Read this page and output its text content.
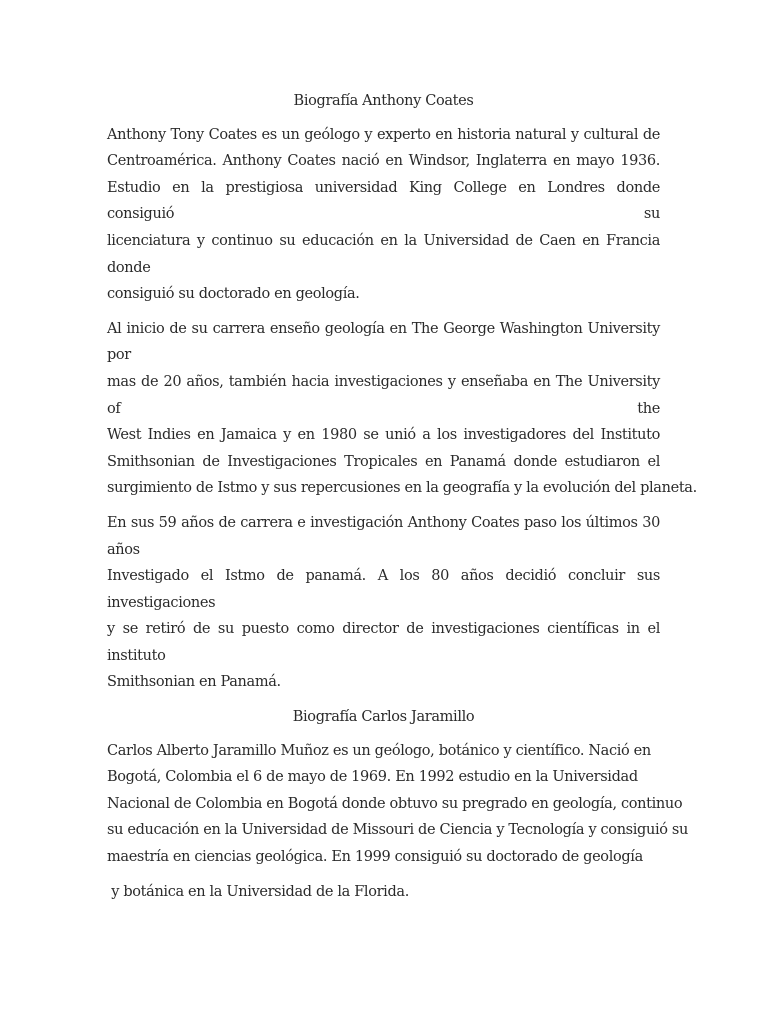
Biografía Anthony Coates
Anthony Tony Coates es un geólogo y experto en historia natural y cultural de
Centroamérica. Anthony Coates nació en Windsor, Inglaterra en mayo 1936.
Estudio en la prestigiosa universidad King College en Londres donde consiguió su
licenciatura y continuo su educación en la Universidad de Caen en Francia donde
consiguió su doctorado en geología.
Al inicio de su carrera enseño geología en The George Washington University por
mas de 20 años, también hacia investigaciones y enseñaba en The University of the
West Indies en Jamaica y en 1980 se unió a los investigadores del Instituto
Smithsonian de Investigaciones Tropicales en Panamá donde estudiaron el
surgimiento de Istmo y sus repercusiones en la geografía y la evolución del planeta.
En sus 59 años de carrera e investigación Anthony Coates paso los últimos 30 años
Investigado el Istmo de panamá. A los 80 años decidió concluir sus investigaciones
y se retiró de su puesto como director de investigaciones científicas in el instituto
Smithsonian en Panamá.
Biografía Carlos Jaramillo
Carlos Alberto Jaramillo Muñoz es un geólogo, botánico y científico. Nació en
Bogotá, Colombia el 6 de mayo de 1969. En 1992 estudio en la Universidad
Nacional de Colombia en Bogotá donde obtuvo su pregrado en geología, continuo
su educación en la Universidad de Missouri de Ciencia y Tecnología y consiguió su
maestría en ciencias geológica. En 1999 consiguió su doctorado de geología
y botánica en la Universidad de la Florida.
